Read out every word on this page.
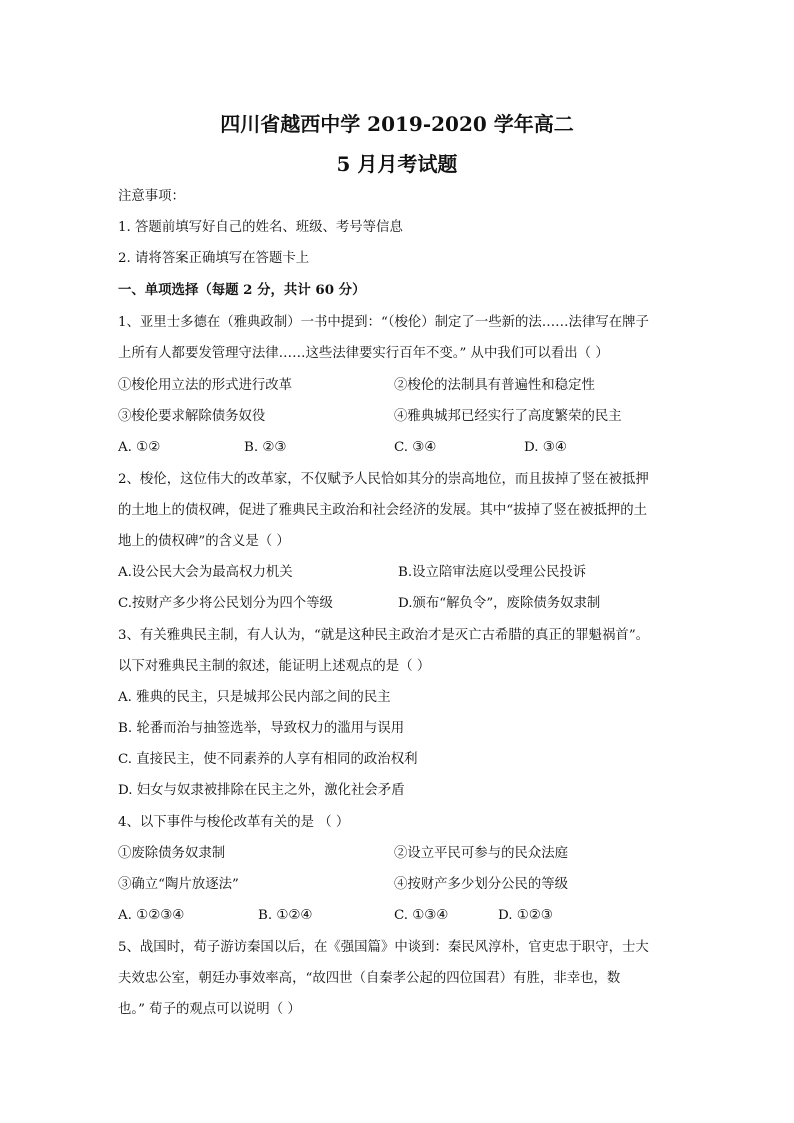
四川省越西中学 2019-2020 学年高二
5 月月考试题
注意事项：
1. 答题前填写好自己的姓名、班级、考号等信息
2. 请将答案正确填写在答题卡上
一、单项选择（每题 2 分，共计 60 分）
1、亚里士多德在（雅典政制）一书中提到：“（梭伦）制定了一些新的法……法律写在牌子
上所有人都要发管理守法律……这些法律要实行百年不变。” 从中我们可以看出（ ）
①梭伦用立法的形式进行改革	②梭伦的法制具有普遍性和稳定性
③梭伦要求解除债务奴役	④雅典城邦已经实行了高度繁荣的民主
A. ①②	B. ②③	C. ③④	D. ③④
2、梭伦，这位伟大的改革家，不仅赋予人民恰如其分的崇高地位，而且拔掉了竖在被抵押
的土地上的债权碑，促进了雅典民主政治和社会经济的发展。其中“拔掉了竖在被抵押的土
地上的债权碑”的含义是（ ）
A.设公民大会为最高权力机关	B.设立陪审法庭以受理公民投诉
C.按财产多少将公民划分为四个等级	D.颁布“解负令”，废除债务奴隶制
3、有关雅典民主制，有人认为，“就是这种民主政治才是灭亡古希腊的真正的罪魁祸首”。
以下对雅典民主制的叙述，能证明上述观点的是（ ）
A. 雅典的民主，只是城邦公民内部之间的民主
B. 轮番而治与抽签选举，导致权力的滥用与误用
C. 直接民主，使不同素养的人享有相同的政治权利
D. 妇女与奴隶被排除在民主之外，激化社会矛盾
4、以下事件与梭伦改革有关的是 （ ）
①废除债务奴隶制	②设立平民可参与的民众法庭
③确立“陶片放逐法”	④按财产多少划分公民的等级
A. ①②③④	B. ①②④	C. ①③④	D. ①②③
5、战国时，荀子游访秦国以后，在《强国篇》中谈到：秦民风淳朴，官吏忠于职守，士大
夫效忠公室，朝廷办事效率高，“故四世（自秦孝公起的四位国君）有胜，非幸也，数
也。” 荀子的观点可以说明（ ）
